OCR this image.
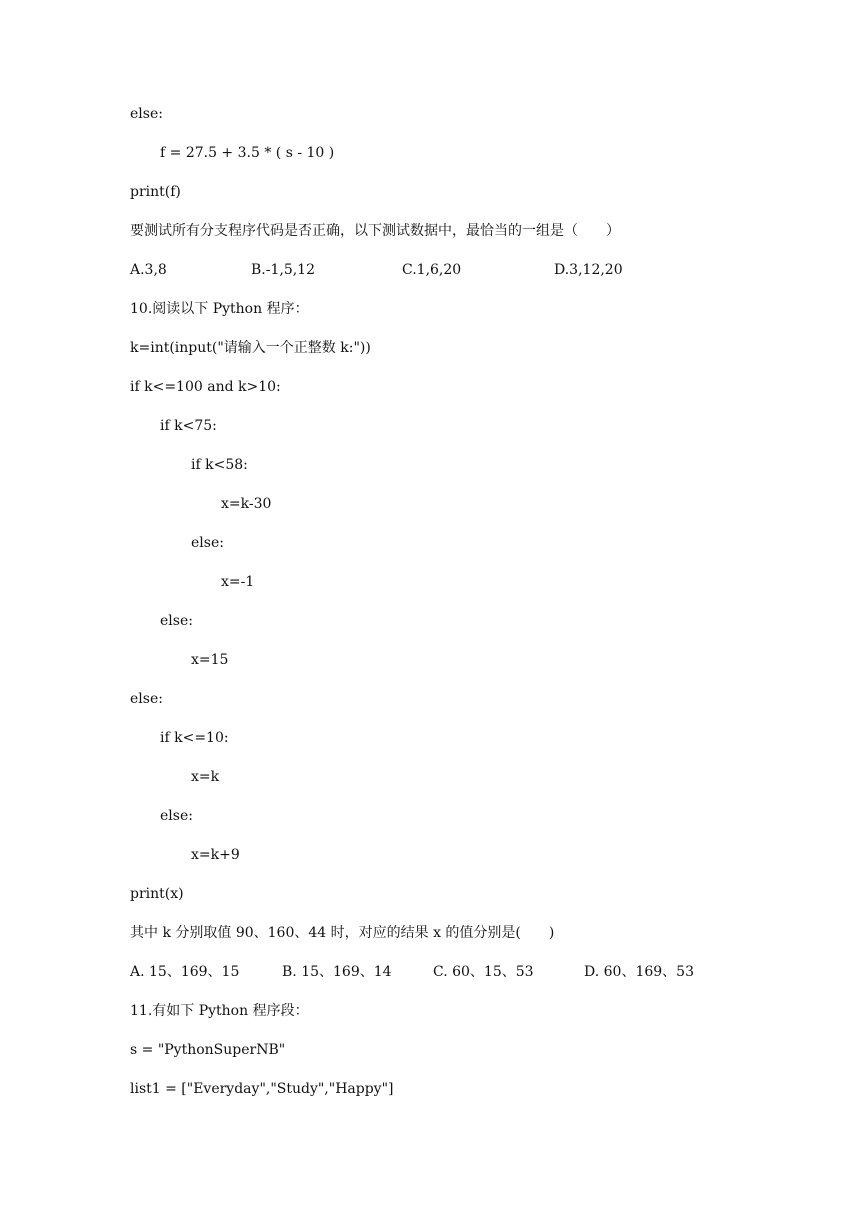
else:
f = 27.5 + 3.5 * ( s - 10 )
print(f)
要测试所有分支程序代码是否正确，以下测试数据中，最恰当的一组是（　　）
A.3,8	B.-1,5,12	C.1,6,20	D.3,12,20
10.阅读以下 Python 程序：
k=int(input("请输入一个正整数 k:"))
if k<=100 and k>10:
if k<75:
if k<58:
x=k-30
else:
x=-1
else:
x=15
else:
if k<=10:
x=k
else:
x=k+9
print(x)
其中 k 分别取值 90、160、44 时，对应的结果 x 的值分别是(　　)
A. 15、169、15	B. 15、169、14	C. 60、15、53	D. 60、169、53
11.有如下 Python 程序段：
s = "PythonSuperNB"
list1 = ["Everyday","Study","Happy"]
